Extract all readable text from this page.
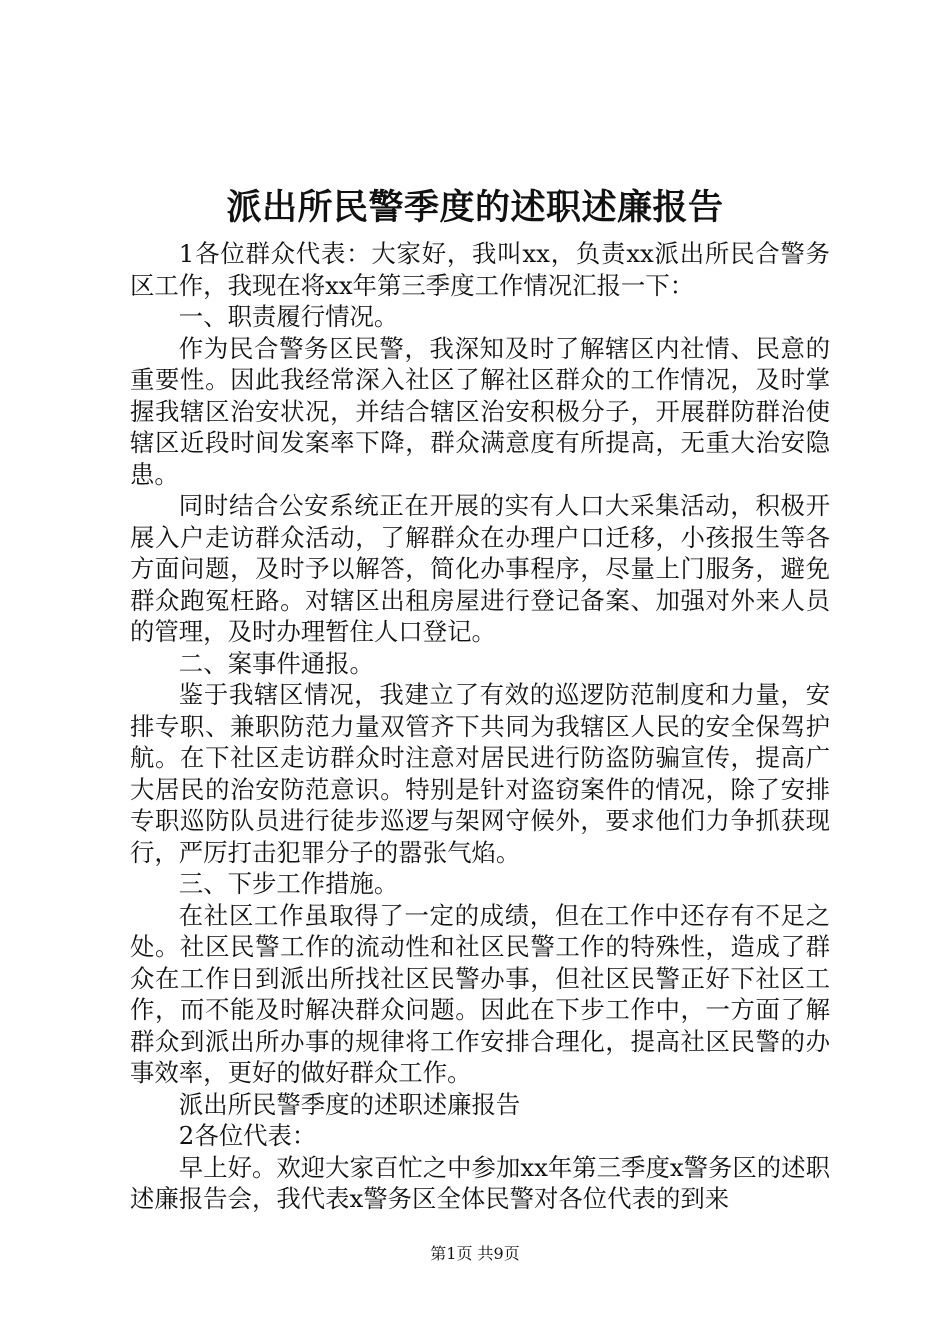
派出所民警季度的述职述廉报告

1各位群众代表：大家好，我叫xx，负责xx派出所民合警务区工作，我现在将xx年第三季度工作情况汇报一下：

一、职责履行情况。

作为民合警务区民警，我深知及时了解辖区内社情、民意的重要性。因此我经常深入社区了解社区群众的工作情况，及时掌握我辖区治安状况，并结合辖区治安积极分子，开展群防群治使辖区近段时间发案率下降，群众满意度有所提高，无重大治安隐患。

同时结合公安系统正在开展的实有人口大采集活动，积极开展入户走访群众活动，了解群众在办理户口迁移，小孩报生等各方面问题，及时予以解答，简化办事程序，尽量上门服务，避免群众跑冤枉路。对辖区出租房屋进行登记备案、加强对外来人员的管理，及时办理暂住人口登记。

二、案事件通报。

鉴于我辖区情况，我建立了有效的巡逻防范制度和力量，安排专职、兼职防范力量双管齐下共同为我辖区人民的安全保驾护航。在下社区走访群众时注意对居民进行防盗防骗宣传，提高广大居民的治安防范意识。特别是针对盗窃案件的情况，除了安排专职巡防队员进行徒步巡逻与架网守候外，要求他们力争抓获现行，严厉打击犯罪分子的嚣张气焰。

三、下步工作措施。

在社区工作虽取得了一定的成绩，但在工作中还存有不足之处。社区民警工作的流动性和社区民警工作的特殊性，造成了群众在工作日到派出所找社区民警办事，但社区民警正好下社区工作，而不能及时解决群众问题。因此在下步工作中，一方面了解群众到派出所办事的规律将工作安排合理化，提高社区民警的办事效率，更好的做好群众工作。

派出所民警季度的述职述廉报告

2各位代表：

早上好。欢迎大家百忙之中参加xx年第三季度x警务区的述职述廉报告会，我代表x警务区全体民警对各位代表的到来

第1页 共9页
